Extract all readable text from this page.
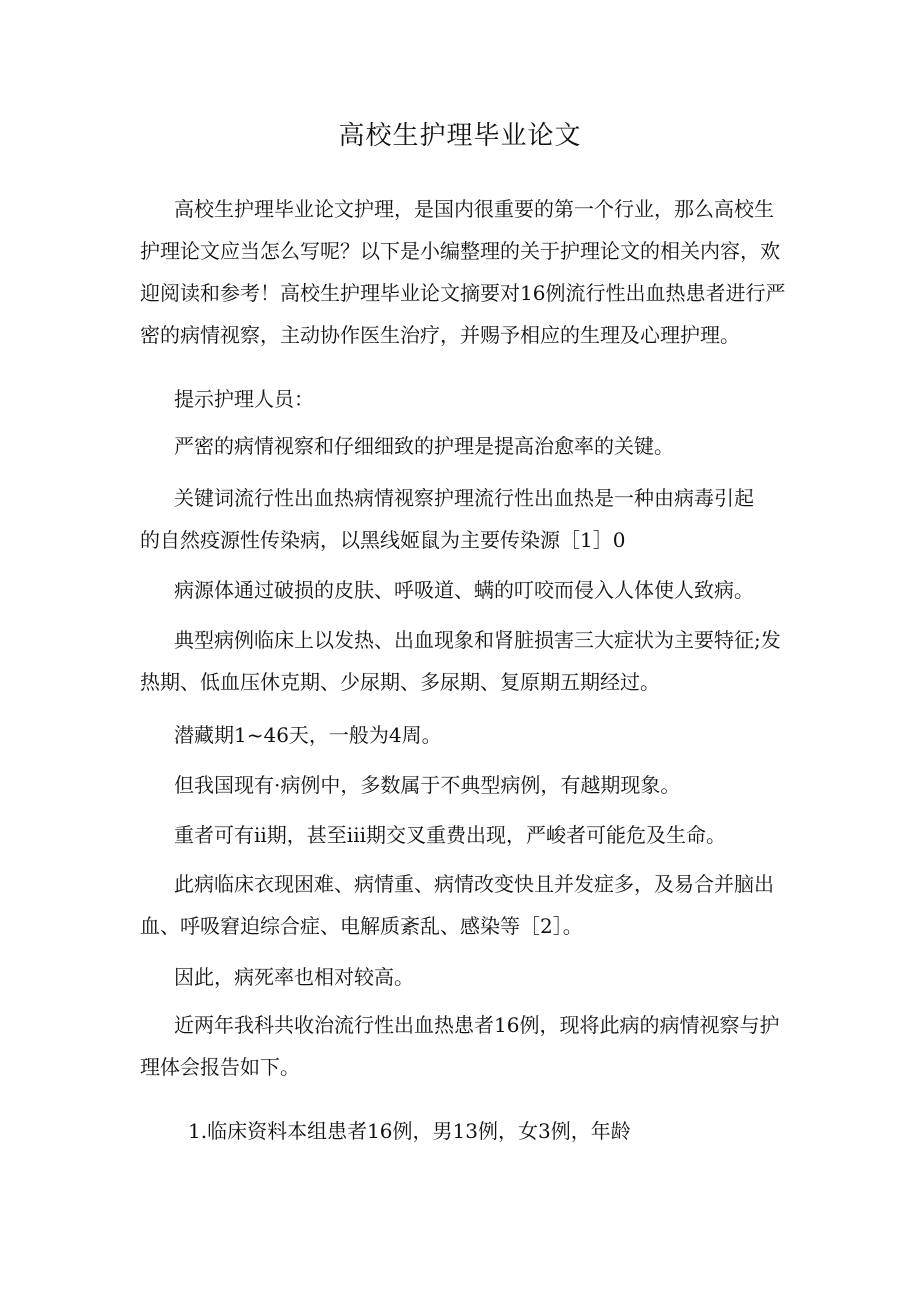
高校生护理毕业论文

高校生护理毕业论文护理，是国内很重要的第一个行业，那么高校生
护理论文应当怎么写呢？以下是小编整理的关于护理论文的相关内容，欢
迎阅读和参考！高校生护理毕业论文摘要对16例流行性出血热患者进行严
密的病情视察，主动协作医生治疗，并赐予相应的生理及心理护理。

提示护理人员：

严密的病情视察和仔细细致的护理是提高治愈率的关键。

关键词流行性出血热病情视察护理流行性出血热是一种由病毒引起
的自然疫源性传染病，以黑线姬鼠为主要传染源［1］0

病源体通过破损的皮肤、呼吸道、螨的叮咬而侵入人体使人致病。

典型病例临床上以发热、出血现象和肾脏损害三大症状为主要特征;发
热期、低血压休克期、少尿期、多尿期、复原期五期经过。

潜藏期1~46天，一般为4周。

但我国现有·病例中，多数属于不典型病例，有越期现象。

重者可有ii期，甚至iii期交叉重费出现，严峻者可能危及生命。

此病临床衣现困难、病情重、病情改变快且并发症多，及易合并脑出
血、呼吸窘迫综合症、电解质紊乱、感染等［2］。

因此，病死率也相对较高。

近两年我科共收治流行性出血热患者16例，现将此病的病情视察与护
理体会报告如下。

1.临床资料本组患者16例，男13例，女3例，年龄
